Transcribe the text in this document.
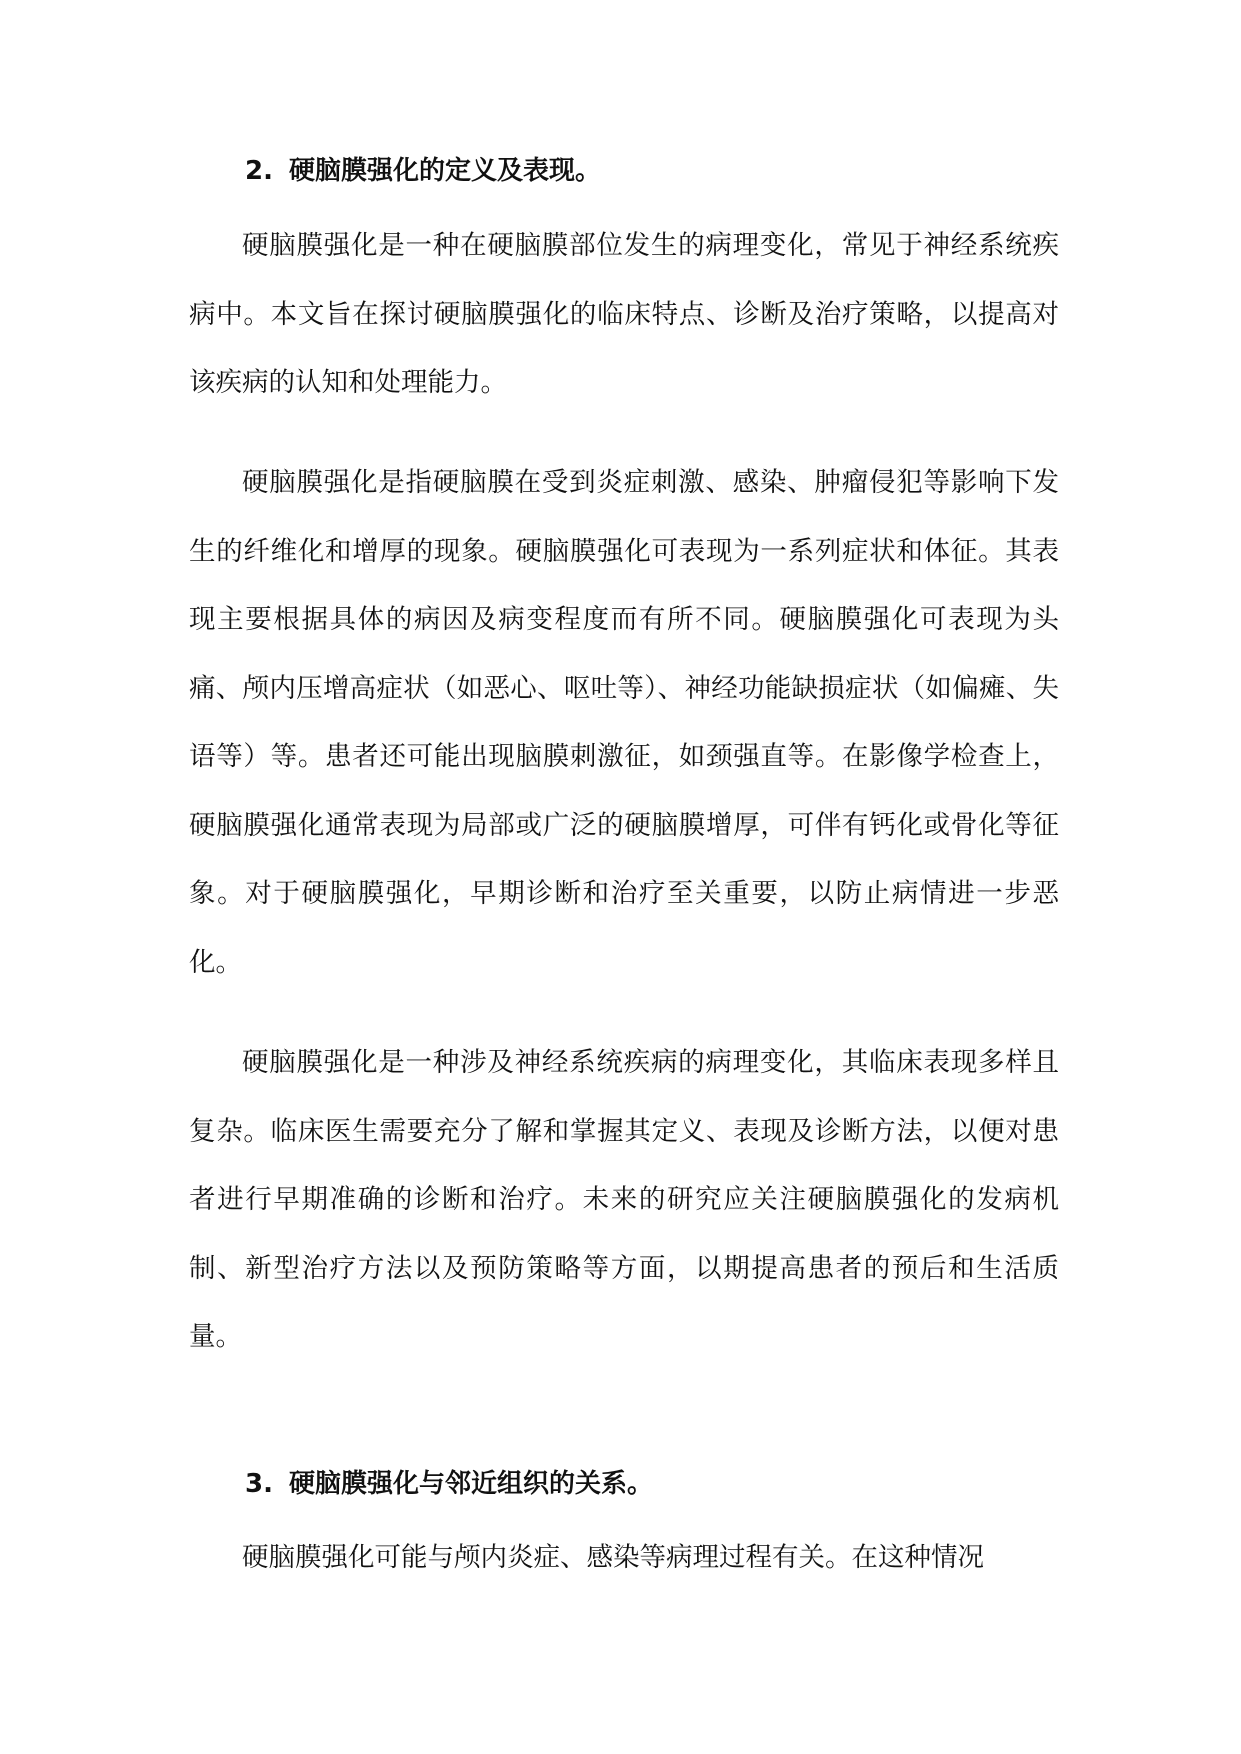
2. 硬脑膜强化的定义及表现。

硬脑膜强化是一种在硬脑膜部位发生的病理变化，常见于神经系统疾病中。本文旨在探讨硬脑膜强化的临床特点、诊断及治疗策略，以提高对该疾病的认知和处理能力。

硬脑膜强化是指硬脑膜在受到炎症刺激、感染、肿瘤侵犯等影响下发生的纤维化和增厚的现象。硬脑膜强化可表现为一系列症状和体征。其表现主要根据具体的病因及病变程度而有所不同。硬脑膜强化可表现为头痛、颅内压增高症状（如恶心、呕吐等）、神经功能缺损症状（如偏瘫、失语等）等。患者还可能出现脑膜刺激征，如颈强直等。在影像学检查上，硬脑膜强化通常表现为局部或广泛的硬脑膜增厚，可伴有钙化或骨化等征象。对于硬脑膜强化，早期诊断和治疗至关重要，以防止病情进一步恶化。

硬脑膜强化是一种涉及神经系统疾病的病理变化，其临床表现多样且复杂。临床医生需要充分了解和掌握其定义、表现及诊断方法，以便对患者进行早期准确的诊断和治疗。未来的研究应关注硬脑膜强化的发病机制、新型治疗方法以及预防策略等方面，以期提高患者的预后和生活质量。

3. 硬脑膜强化与邻近组织的关系。

硬脑膜强化可能与颅内炎症、感染等病理过程有关。在这种情况
